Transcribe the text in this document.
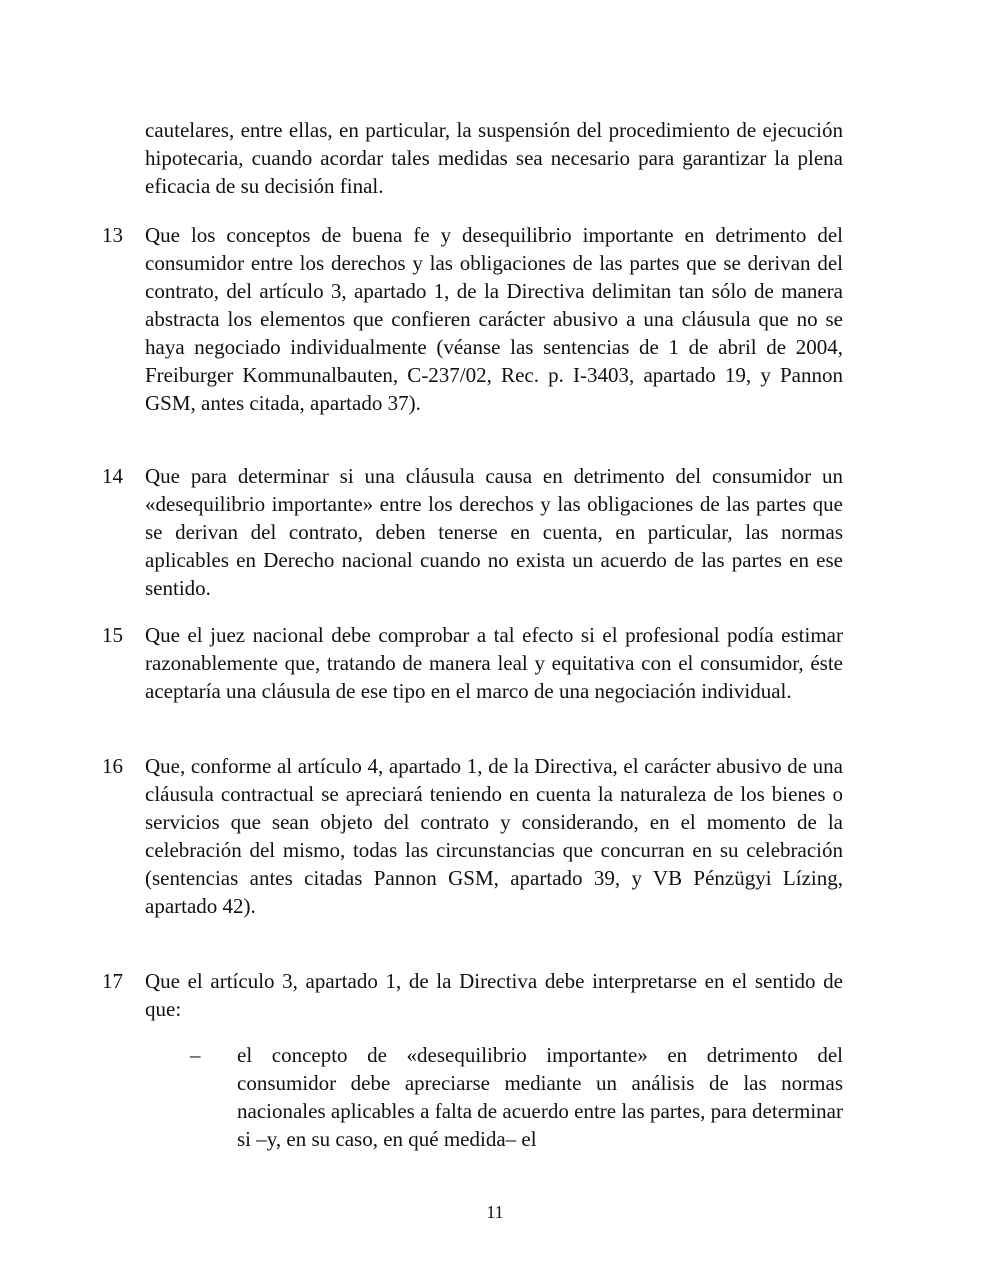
cautelares, entre ellas, en particular, la suspensión del procedimiento de ejecución hipotecaria, cuando acordar tales medidas sea necesario para garantizar la plena eficacia de su decisión final.
13 Que los conceptos de buena fe y desequilibrio importante en detrimento del consumidor entre los derechos y las obligaciones de las partes que se derivan del contrato, del artículo 3, apartado 1, de la Directiva delimitan tan sólo de manera abstracta los elementos que confieren carácter abusivo a una cláusula que no se haya negociado individualmente (véanse las sentencias de 1 de abril de 2004, Freiburger Kommunalbauten, C-237/02, Rec. p. I-3403, apartado 19, y Pannon GSM, antes citada, apartado 37).
14 Que para determinar si una cláusula causa en detrimento del consumidor un «desequilibrio importante» entre los derechos y las obligaciones de las partes que se derivan del contrato, deben tenerse en cuenta, en particular, las normas aplicables en Derecho nacional cuando no exista un acuerdo de las partes en ese sentido.
15 Que el juez nacional debe comprobar a tal efecto si el profesional podía estimar razonablemente que, tratando de manera leal y equitativa con el consumidor, éste aceptaría una cláusula de ese tipo en el marco de una negociación individual.
16 Que, conforme al artículo 4, apartado 1, de la Directiva, el carácter abusivo de una cláusula contractual se apreciará teniendo en cuenta la naturaleza de los bienes o servicios que sean objeto del contrato y considerando, en el momento de la celebración del mismo, todas las circunstancias que concurran en su celebración (sentencias antes citadas Pannon GSM, apartado 39, y VB Pénzügyi Lízing, apartado 42).
17 Que el artículo 3, apartado 1, de la Directiva debe interpretarse en el sentido de que:
– el concepto de «desequilibrio importante» en detrimento del consumidor debe apreciarse mediante un análisis de las normas nacionales aplicables a falta de acuerdo entre las partes, para determinar si –y, en su caso, en qué medida– el
11
